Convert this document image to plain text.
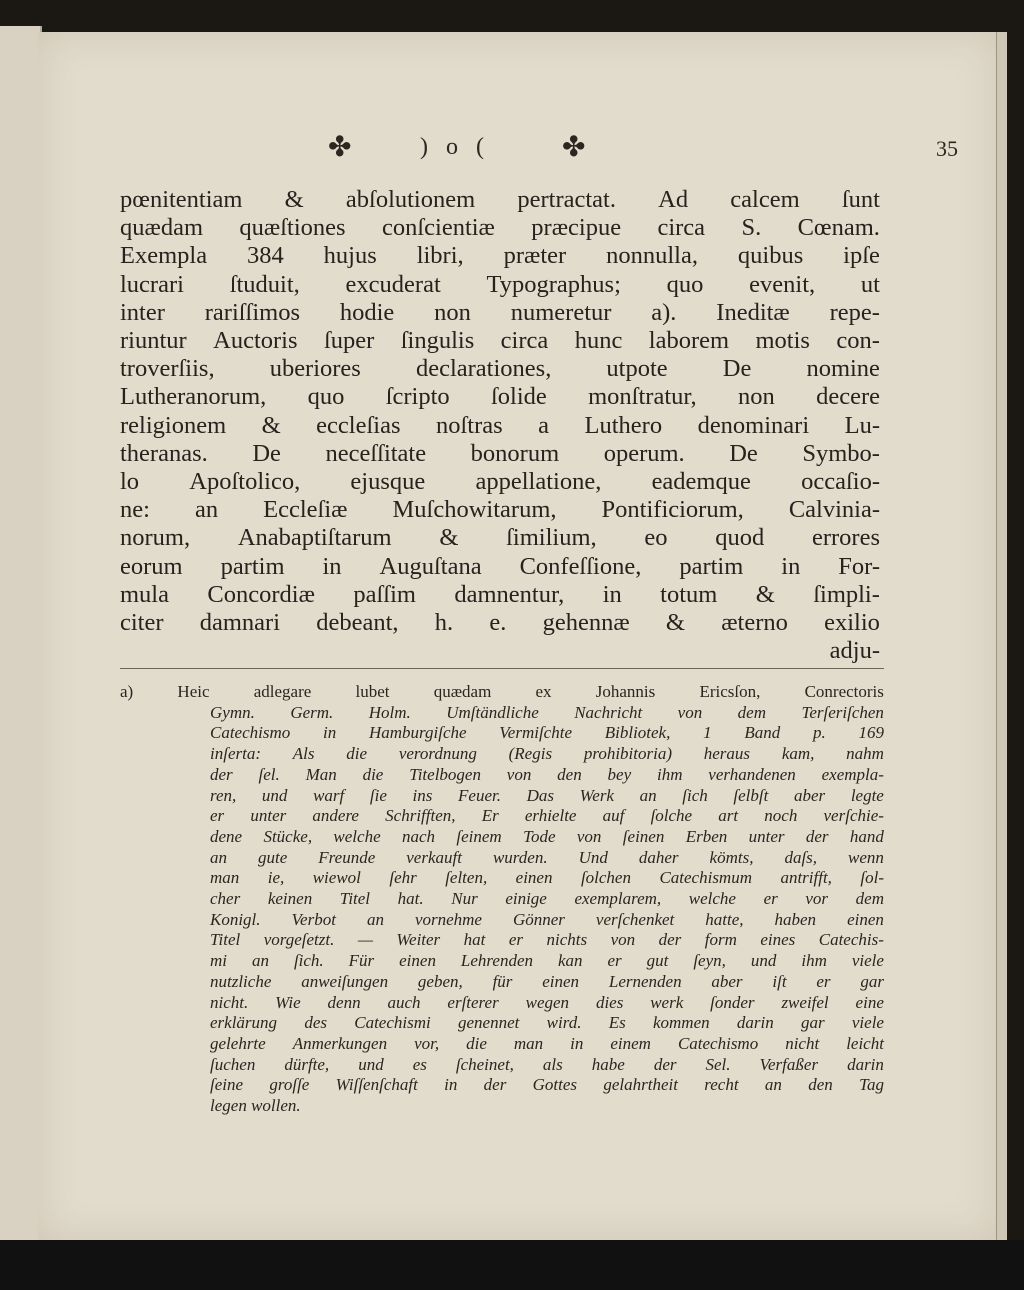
✤	) o (	✤	35
pœnitentiam & abſolutionem pertractat. Ad calcem ſunt
quædam quæſtiones conſcientiæ præcipue circa S. Cœnam.
Exempla 384 hujus libri, præter nonnulla, quibus ipſe
lucrari ſtuduit, excuderat Typographus; quo evenit, ut
inter rariſſimos hodie non numeretur a). Ineditæ repe-
riuntur Auctoris ſuper ſingulis circa hunc laborem motis con-
troverſiis, uberiores declarationes, utpote De nomine
Lutheranorum, quo ſcripto ſolide monſtratur, non decere
religionem & eccleſias noſtras a Luthero denominari Lu-
theranas. De neceſſitate bonorum operum. De Symbo-
lo Apoſtolico, ejusque appellatione, eademque occaſio-
ne: an Eccleſiæ Muſchowitarum, Pontificiorum, Calvinia-
norum, Anabaptiſtarum & ſimilium, eo quod errores
eorum partim in Auguſtana Confeſſione, partim in For-
mula Concordiæ paſſim damnentur, in totum & ſimpli-
citer damnari debeant, h. e. gehennæ & æterno exilio
adju-
a)	Heic	adlegare	lubet	quædam	ex	Johannis	Ericsſon,	Conrectoris
Gymn. Germ. Holm. Umſtändliche Nachricht von dem Terſeriſchen
Catechismo in Hamburgiſche Vermiſchte Bibliotek, 1 Band p. 169
inſerta: Als die verordnung (Regis prohibitoria) heraus kam, nahm
der ſel. Man die Titelbogen von den bey ihm verhandenen exempla-
ren, und warf ſie ins Feuer. Das Werk an ſich ſelbſt aber legte
er unter andere Schrifften, Er erhielte auf ſolche art noch verſchie-
dene Stücke, welche nach ſeinem Tode von ſeinen Erben unter der hand
an gute Freunde verkauft wurden. Und daher kömts, daſs, wenn
man ie, wiewol ſehr ſelten, einen ſolchen Catechismum antrifft, ſol-
cher keinen Titel hat. Nur einige exemplarem, welche er vor dem
Konigl. Verbot an vornehme Gönner verſchenket hatte, haben einen
Titel vorgeſetzt. — Weiter hat er nichts von der form eines Catechis-
mi an ſich. Für einen Lehrenden kan er gut ſeyn, und ihm viele
nutzliche anweiſungen geben, für einen Lernenden aber iſt er gar
nicht. Wie denn auch erſterer wegen dies werk ſonder zweifel eine
erklärung des Catechismi genennet wird. Es kommen darin gar viele
gelehrte Anmerkungen vor, die man in einem Catechismo nicht leicht
ſuchen dürfte, und es ſcheinet, als habe der Sel. Verfaßer darin
ſeine groſſe Wiſſenſchaft in der Gottes gelahrtheit recht an den Tag
legen wollen.
